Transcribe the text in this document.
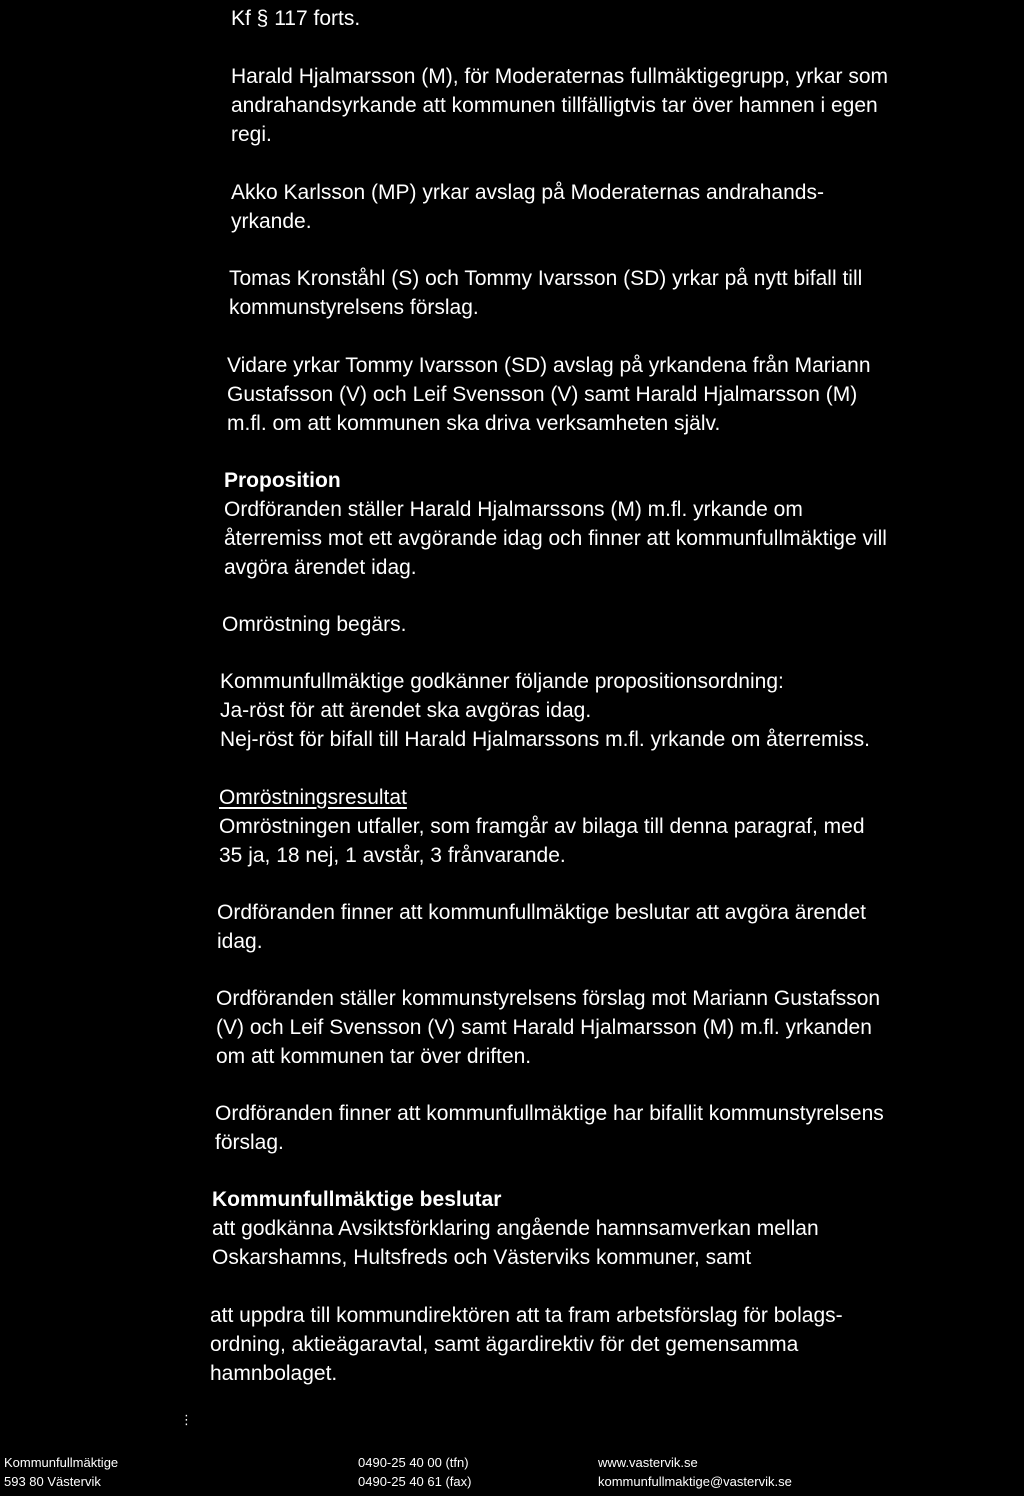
Kf § 117 forts.

Harald Hjalmarsson (M), för Moderaternas fullmäktigegrupp, yrkar som

andrahandsyrkande att kommunen tillfälligtvis tar över hamnen i egen

regi.

Akko Karlsson (MP) yrkar avslag på Moderaternas andrahands-

yrkande.

Tomas Kronståhl (S) och Tommy Ivarsson (SD) yrkar på nytt bifall till

kommunstyrelsens förslag.

Vidare yrkar Tommy Ivarsson (SD) avslag på yrkandena från Mariann

Gustafsson (V) och Leif Svensson (V) samt Harald Hjalmarsson (M)

m.fl. om att kommunen ska driva verksamheten själv.

Proposition

Ordföranden ställer Harald Hjalmarssons (M) m.fl. yrkande om

återremiss mot ett avgörande idag och finner att kommunfullmäktige vill

avgöra ärendet idag.

Omröstning begärs.

Kommunfullmäktige godkänner följande propositionsordning:

Ja-röst för att ärendet ska avgöras idag.

Nej-röst för bifall till Harald Hjalmarssons m.fl. yrkande om återremiss.

Omröstningsresultat

Omröstningen utfaller, som framgår av bilaga till denna paragraf, med

35 ja, 18 nej, 1 avstår, 3 frånvarande.

Ordföranden finner att kommunfullmäktige beslutar att avgöra ärendet

idag.

Ordföranden ställer kommunstyrelsens förslag mot Mariann Gustafsson

(V) och Leif Svensson (V) samt Harald Hjalmarsson (M) m.fl. yrkanden

om att kommunen tar över driften.

Ordföranden finner att kommunfullmäktige har bifallit kommunstyrelsens

förslag.

Kommunfullmäktige beslutar

att godkänna Avsiktsförklaring angående hamnsamverkan mellan

Oskarshamns, Hultsfreds och Västerviks kommuner, samt

att uppdra till kommundirektören att ta fram arbetsförslag för bolags-

ordning, aktieägaravtal, samt ägardirektiv för det gemensamma

hamnbolaget.

⋮
Kommunfullmäktige
593 80 Västervik
0490-25 40 00 (tfn)
0490-25 40 61 (fax)
www.vastervik.se
kommunfullmaktige@vastervik.se
